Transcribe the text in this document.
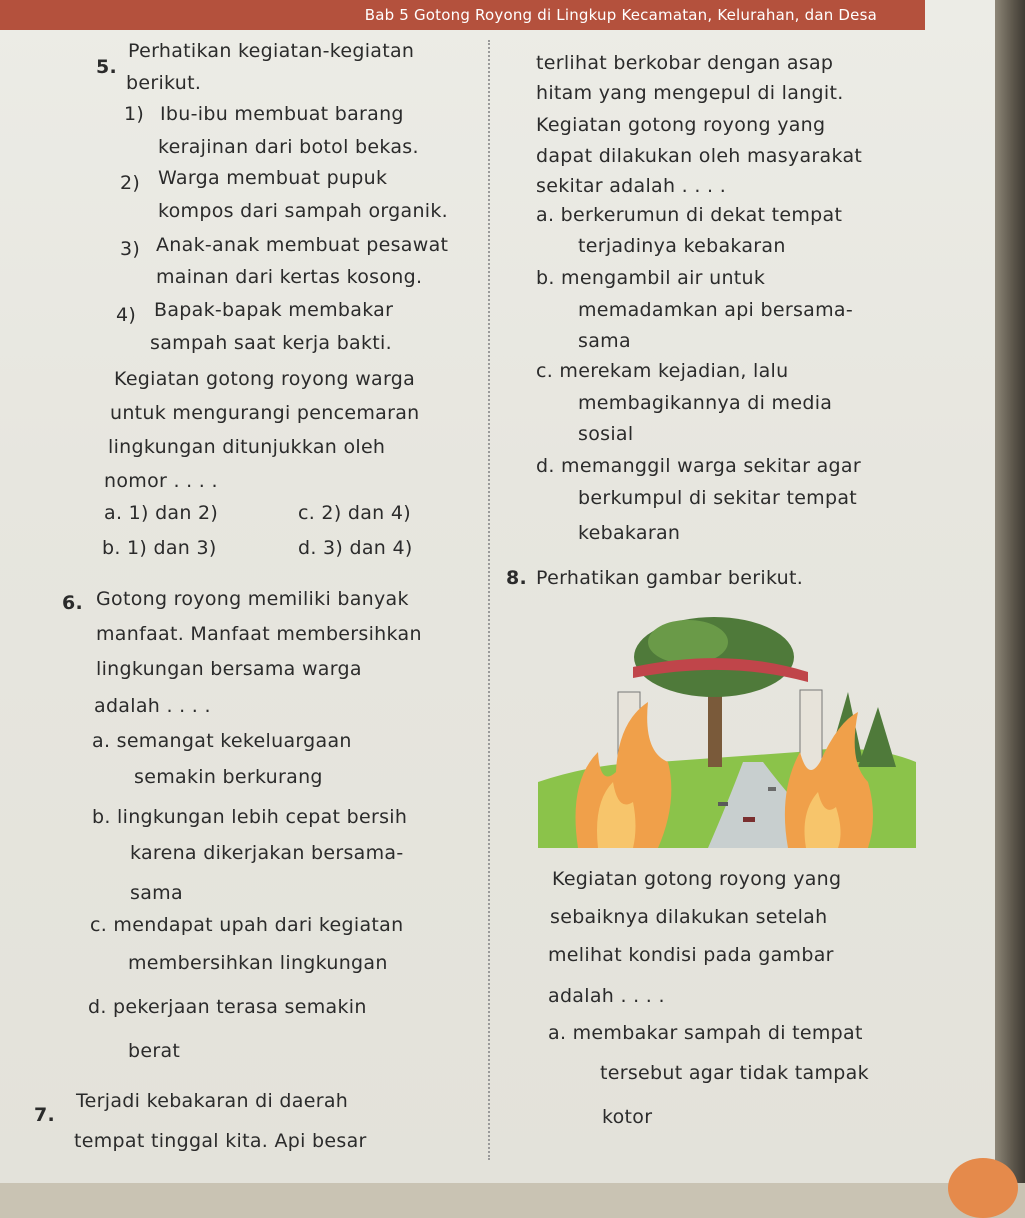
Bab 5 Gotong Royong di Lingkup Kecamatan, Kelurahan, dan Desa
5.
Perhatikan kegiatan-kegiatan
berikut.
1) Ibu-ibu membuat barang
kerajinan dari botol bekas.
2) Warga membuat pupuk
kompos dari sampah organik.
3) Anak-anak membuat pesawat
mainan dari kertas kosong.
4) Bapak-bapak membakar
sampah saat kerja bakti.
Kegiatan gotong royong warga
untuk mengurangi pencemaran
lingkungan ditunjukkan oleh
nomor . . . .
a. 1) dan 2)	c. 2) dan 4)
b. 1) dan 3)	d. 3) dan 4)
6. Gotong royong memiliki banyak
manfaat. Manfaat membersihkan
lingkungan bersama warga
adalah . . . .
a. semangat kekeluargaan
semakin berkurang
b. lingkungan lebih cepat bersih
karena dikerjakan bersama-
sama
c. mendapat upah dari kegiatan
membersihkan lingkungan
d. pekerjaan terasa semakin
berat
7.
Terjadi kebakaran di daerah
tempat tinggal kita. Api besar
terlihat berkobar dengan asap
hitam yang mengepul di langit.
Kegiatan gotong royong yang
dapat dilakukan oleh masyarakat
sekitar adalah . . . .
a. berkerumun di dekat tempat
terjadinya kebakaran
b. mengambil air untuk
memadamkan api bersama-
sama
c. merekam kejadian, lalu
membagikannya di media
sosial
d. memanggil warga sekitar agar
berkumpul di sekitar tempat
kebakaran
8. Perhatikan gambar berikut.
Kegiatan gotong royong yang
sebaiknya dilakukan setelah
melihat kondisi pada gambar
adalah . . . .
a. membakar sampah di tempat
tersebut agar tidak tampak
kotor
